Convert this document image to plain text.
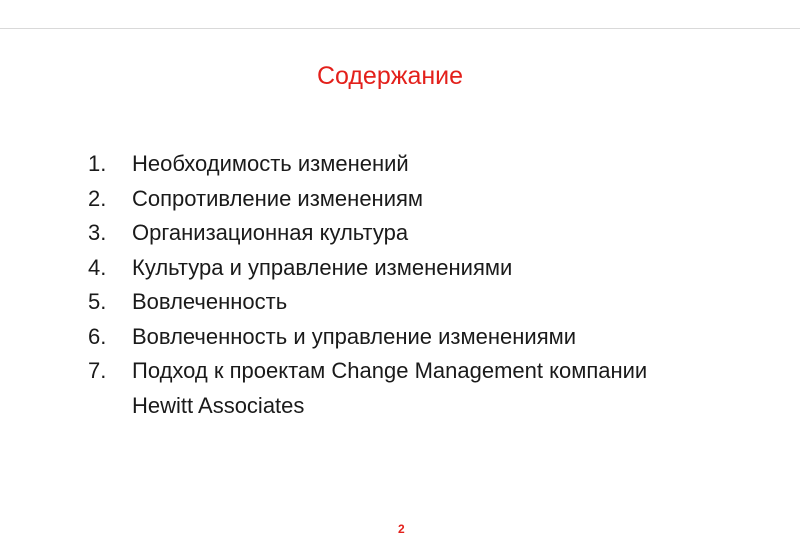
Содержание
1.	Необходимость изменений
2.	Сопротивление изменениям
3.	Организационная культура
4.	Культура и управление изменениями
5.	Вовлеченность
6.	Вовлеченность и управление изменениями
7.	Подход к проектам Change Management компании Hewitt Associates
2
